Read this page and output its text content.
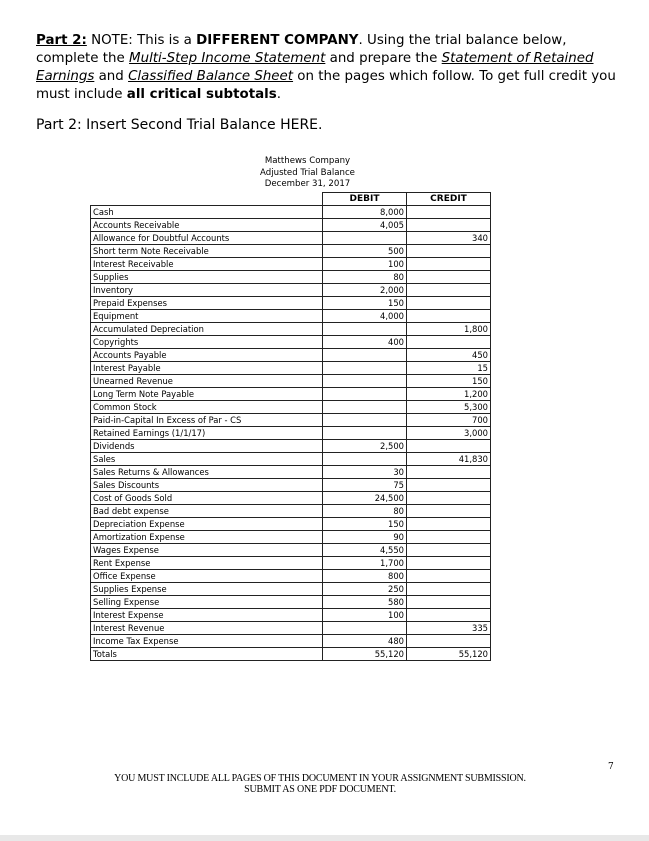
Part 2: NOTE: This is a DIFFERENT COMPANY. Using the trial balance below, complete the Multi-Step Income Statement and prepare the Statement of Retained Earnings and Classified Balance Sheet on the pages which follow. To get full credit you must include all critical subtotals.
Part 2: Insert Second Trial Balance HERE.
Matthews Company
Adjusted Trial Balance
December 31, 2017
	DEBIT	CREDIT
Cash	8,000	
Accounts Receivable	4,005	
Allowance for Doubtful Accounts		340
Short term Note Receivable	500	
Interest Receivable	100	
Supplies	80	
Inventory	2,000	
Prepaid Expenses	150	
Equipment	4,000	
Accumulated Depreciation		1,800
Copyrights	400	
Accounts Payable		450
Interest Payable		15
Unearned Revenue		150
Long Term Note Payable		1,200
Common Stock		5,300
Paid-in-Capital In Excess of Par - CS		700
Retained Earnings (1/1/17)		3,000
Dividends	2,500	
Sales		41,830
Sales Returns & Allowances	30	
Sales Discounts	75	
Cost of Goods Sold	24,500	
Bad debt expense	80	
Depreciation Expense	150	
Amortization Expense	90	
Wages Expense	4,550	
Rent Expense	1,700	
Office Expense	800	
Supplies Expense	250	
Selling Expense	580	
Interest Expense	100	
Interest Revenue		335
Income Tax Expense	480	
Totals	55,120	55,120
7
YOU MUST INCLUDE ALL PAGES OF THIS DOCUMENT IN YOUR ASSIGNMENT SUBMISSION.
SUBMIT AS ONE PDF DOCUMENT.
